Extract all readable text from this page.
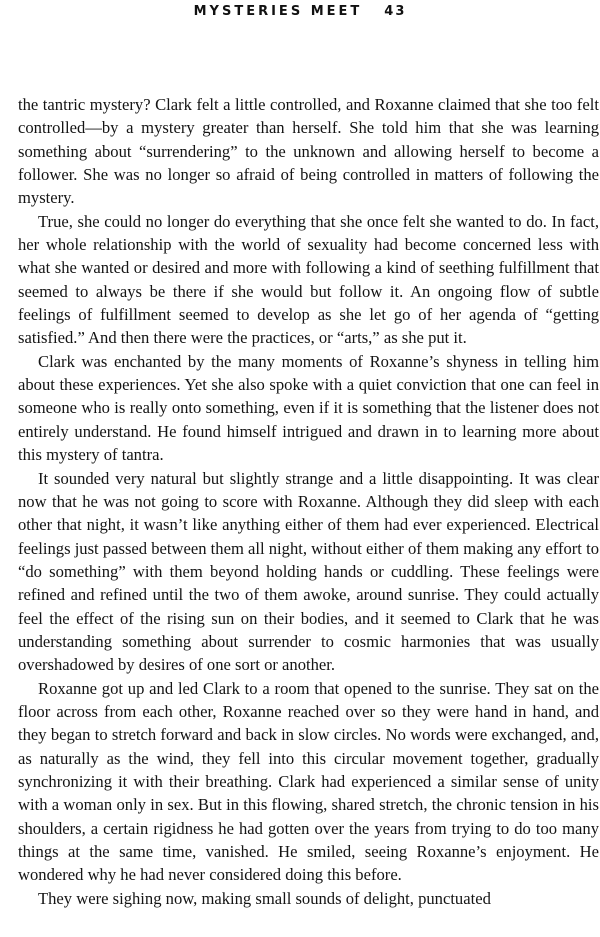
MYSTERIES MEET 43

the tantric mystery? Clark felt a little controlled, and Roxanne claimed that she too felt controlled—by a mystery greater than herself. She told him that she was learning something about “surrendering” to the unknown and allowing herself to become a follower. She was no longer so afraid of being controlled in matters of following the mystery.

True, she could no longer do everything that she once felt she wanted to do. In fact, her whole relationship with the world of sexuality had become concerned less with what she wanted or desired and more with following a kind of seething fulfillment that seemed to always be there if she would but follow it. An ongoing flow of subtle feelings of fulfillment seemed to develop as she let go of her agenda of “getting satisfied.” And then there were the practices, or “arts,” as she put it.

Clark was enchanted by the many moments of Roxanne’s shyness in telling him about these experiences. Yet she also spoke with a quiet conviction that one can feel in someone who is really onto something, even if it is something that the listener does not entirely understand. He found himself intrigued and drawn in to learning more about this mystery of tantra.

It sounded very natural but slightly strange and a little disappointing. It was clear now that he was not going to score with Roxanne. Although they did sleep with each other that night, it wasn’t like anything either of them had ever experienced. Electrical feelings just passed between them all night, without either of them making any effort to “do something” with them beyond holding hands or cuddling. These feelings were refined and refined until the two of them awoke, around sunrise. They could actually feel the effect of the rising sun on their bodies, and it seemed to Clark that he was understanding something about surrender to cosmic harmonies that was usually overshadowed by desires of one sort or another.

Roxanne got up and led Clark to a room that opened to the sunrise. They sat on the floor across from each other, Roxanne reached over so they were hand in hand, and they began to stretch forward and back in slow circles. No words were exchanged, and, as naturally as the wind, they fell into this circular movement together, gradually synchronizing it with their breathing. Clark had experienced a similar sense of unity with a woman only in sex. But in this flowing, shared stretch, the chronic tension in his shoulders, a certain rigidness he had gotten over the years from trying to do too many things at the same time, vanished. He smiled, seeing Roxanne’s enjoyment. He wondered why he had never considered doing this before.

They were sighing now, making small sounds of delight, punctuated
